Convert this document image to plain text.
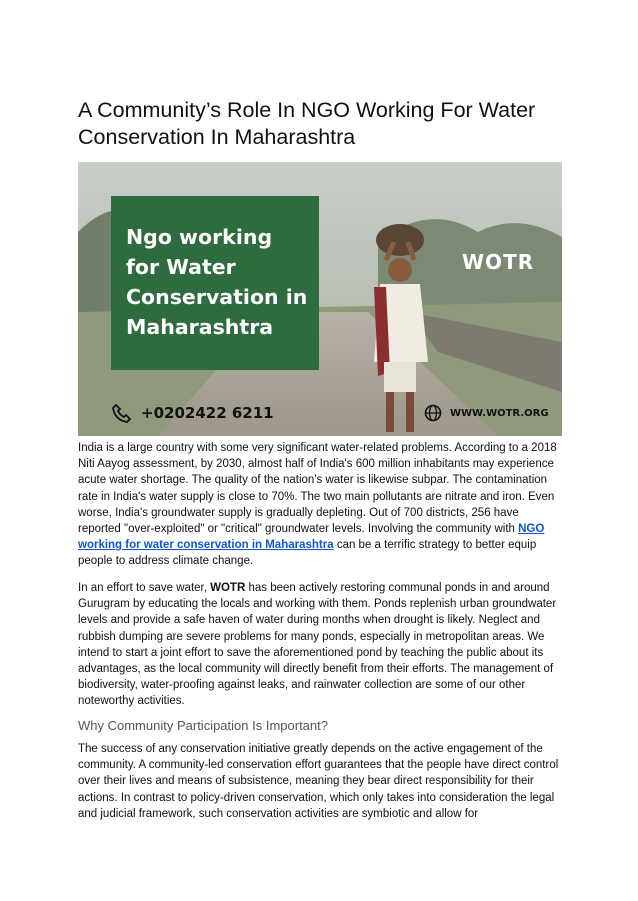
A Community’s Role In NGO Working For Water Conservation In Maharashtra
Ngo working for Water Conservation in Maharashtra
WOTR
+0202422 6211	WWW.WOTR.ORG

India is a large country with some very significant water-related problems. According to a 2018 Niti Aayog assessment, by 2030, almost half of India's 600 million inhabitants may experience acute water shortage. The quality of the nation's water is likewise subpar. The contamination rate in India's water supply is close to 70%. The two main pollutants are nitrate and iron. Even worse, India's groundwater supply is gradually depleting. Out of 700 districts, 256 have reported "over-exploited" or "critical" groundwater levels. Involving the community with NGO working for water conservation in Maharashtra can be a terrific strategy to better equip people to address climate change.

In an effort to save water, WOTR has been actively restoring communal ponds in and around Gurugram by educating the locals and working with them. Ponds replenish urban groundwater levels and provide a safe haven of water during months when drought is likely. Neglect and rubbish dumping are severe problems for many ponds, especially in metropolitan areas. We intend to start a joint effort to save the aforementioned pond by teaching the public about its advantages, as the local community will directly benefit from their efforts. The management of biodiversity, water-proofing against leaks, and rainwater collection are some of our other noteworthy activities.

Why Community Participation Is Important?

The success of any conservation initiative greatly depends on the active engagement of the community. A community-led conservation effort guarantees that the people have direct control over their lives and means of subsistence, meaning they bear direct responsibility for their actions. In contrast to policy-driven conservation, which only takes into consideration the legal and judicial framework, such conservation activities are symbiotic and allow for
